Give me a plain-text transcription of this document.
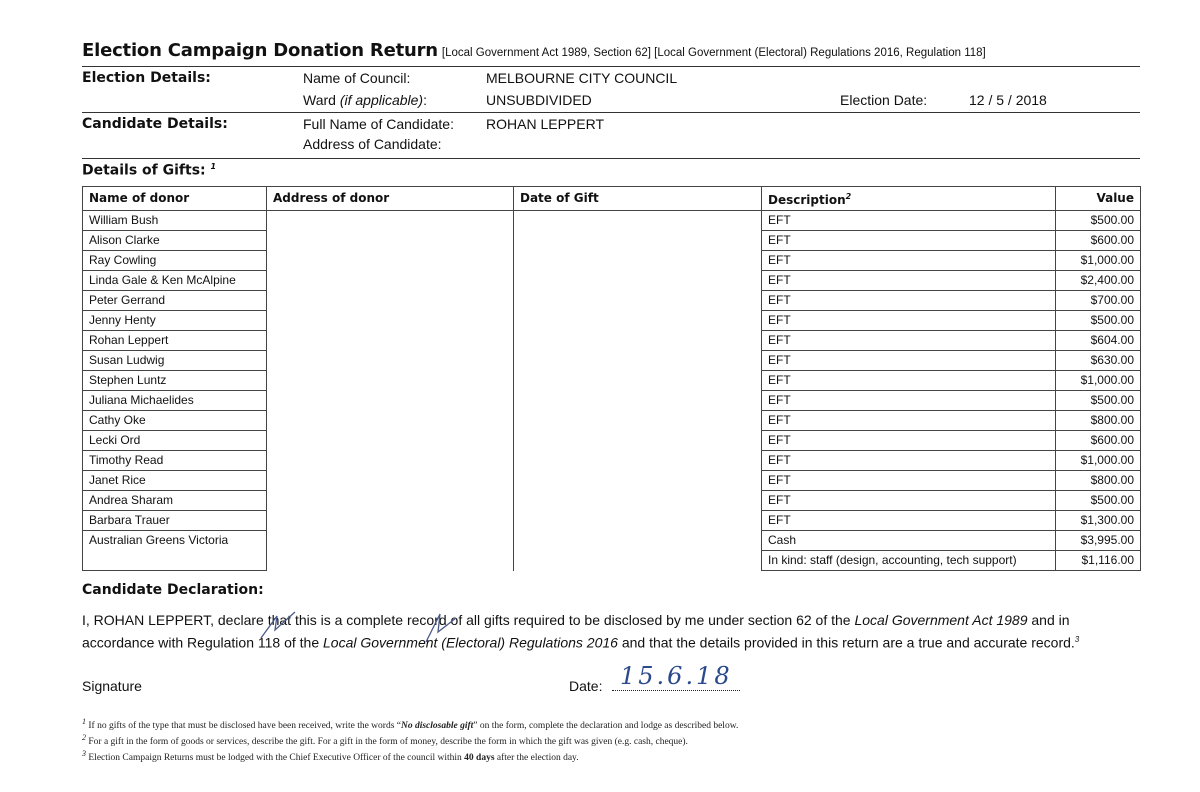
Election Campaign Donation Return [Local Government Act 1989, Section 62] [Local Government (Electoral) Regulations 2016, Regulation 118]
Election Details:	Name of Council:	MELBOURNE CITY COUNCIL
Ward (if applicable):	UNSUBDIVIDED	Election Date:	12 / 5 / 2018
Candidate Details:	Full Name of Candidate: ROHAN LEPPERT
Address of Candidate:
Details of Gifts: $^1$
Name of donor	Address of donor	Date of Gift	Description$^2$	Value
William Bush			EFT	$500.00
Alison Clarke			EFT	$600.00
Ray Cowling			EFT	$1,000.00
Linda Gale & Ken McAlpine			EFT	$2,400.00
Peter Gerrand			EFT	$700.00
Jenny Henty			EFT	$500.00
Rohan Leppert			EFT	$604.00
Susan Ludwig			EFT	$630.00
Stephen Luntz			EFT	$1,000.00
Juliana Michaelides			EFT	$500.00
Cathy Oke			EFT	$800.00
Lecki Ord			EFT	$600.00
Timothy Read			EFT	$1,000.00
Janet Rice			EFT	$800.00
Andrea Sharam			EFT	$500.00
Barbara Trauer			EFT	$1,300.00
Australian Greens Victoria			Cash	$3,995.00
			In kind: staff (design, accounting, tech support)	$1,116.00
Candidate Declaration:
I, ROHAN LEPPERT, declare that this is a complete record of all gifts required to be disclosed by me under section 62 of the Local Government Act 1989 and in accordance with Regulation 118 of the Local Government (Electoral) Regulations 2016 and that the details provided in this return are a true and accurate record.$^3$
Signature	Date: 15.6.18
$^1$ If no gifts of the type that must be disclosed have been received, write the words “No disclosable gift” on the form, complete the declaration and lodge as described below.
$^2$ For a gift in the form of goods or services, describe the gift. For a gift in the form of money, describe the form in which the gift was given (e.g. cash, cheque).
$^3$ Election Campaign Returns must be lodged with the Chief Executive Officer of the council within 40 days after the election day.
